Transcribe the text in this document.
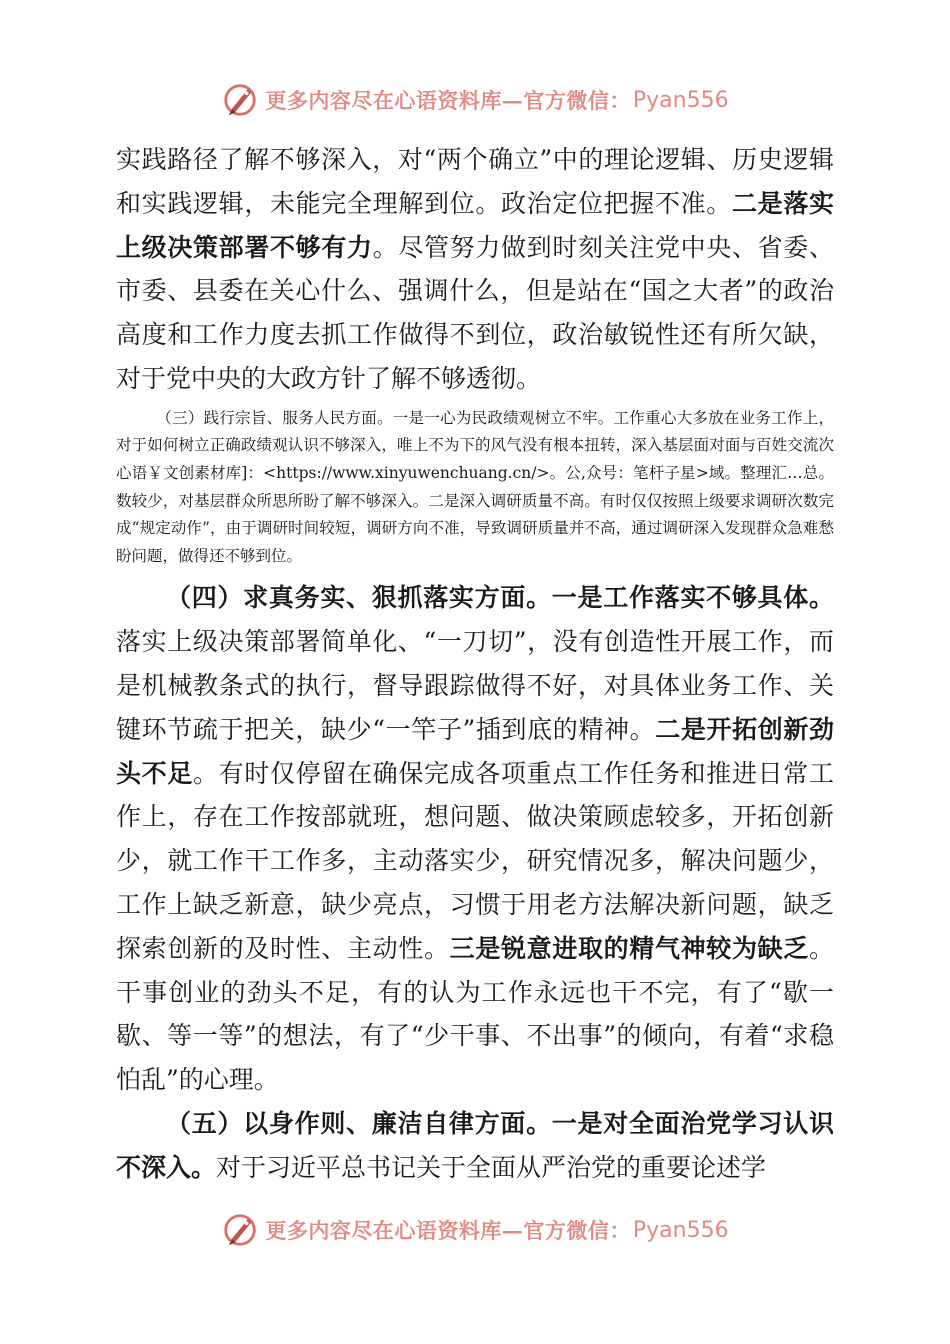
更多内容尽在心语资料库—官方微信： Pyan556

实践路径了解不够深入，对“两个确立”中的理论逻辑、历史逻辑和实践逻辑，未能完全理解到位。政治定位把握不准。二是落实上级决策部署不够有力。尽管努力做到时刻关注党中央、省委、市委、县委在关心什么、强调什么，但是站在“国之大者”的政治高度和工作力度去抓工作做得不到位，政治敏锐性还有所欠缺，对于党中央的大政方针了解不够透彻。

（三）践行宗旨、服务人民方面。一是一心为民政绩观树立不牢。工作重心大多放在业务工作上，对于如何树立正确政绩观认识不够深入，唯上不为下的风气没有根本扭转，深入基层面对面与百姓交流次心语￥文创素材库]：<https://www.xinyuwenchuang.cn/>。公,众号：笔杆子星>域。整理汇…总。数较少，对基层群众所思所盼了解不够深入。二是深入调研质量不高。有时仅仅按照上级要求调研次数完成“规定动作”，由于调研时间较短，调研方向不准，导致调研质量并不高，通过调研深入发现群众急难愁盼问题，做得还不够到位。

（四）求真务实、狠抓落实方面。一是工作落实不够具体。落实上级决策部署简单化、“一刀切”，没有创造性开展工作，而是机械教条式的执行，督导跟踪做得不好，对具体业务工作、关键环节疏于把关，缺少“一竿子”插到底的精神。二是开拓创新劲头不足。有时仅停留在确保完成各项重点工作任务和推进日常工作上，存在工作按部就班，想问题、做决策顾虑较多，开拓创新少，就工作干工作多，主动落实少，研究情况多，解决问题少，工作上缺乏新意，缺少亮点，习惯于用老方法解决新问题，缺乏探索创新的及时性、主动性。三是锐意进取的精气神较为缺乏。干事创业的劲头不足，有的认为工作永远也干不完，有了“歇一歇、等一等”的想法，有了“少干事、不出事”的倾向，有着“求稳怕乱”的心理。

（五）以身作则、廉洁自律方面。一是对全面治党学习认识不深入。对于习近平总书记关于全面从严治党的重要论述学

更多内容尽在心语资料库—官方微信： Pyan556
